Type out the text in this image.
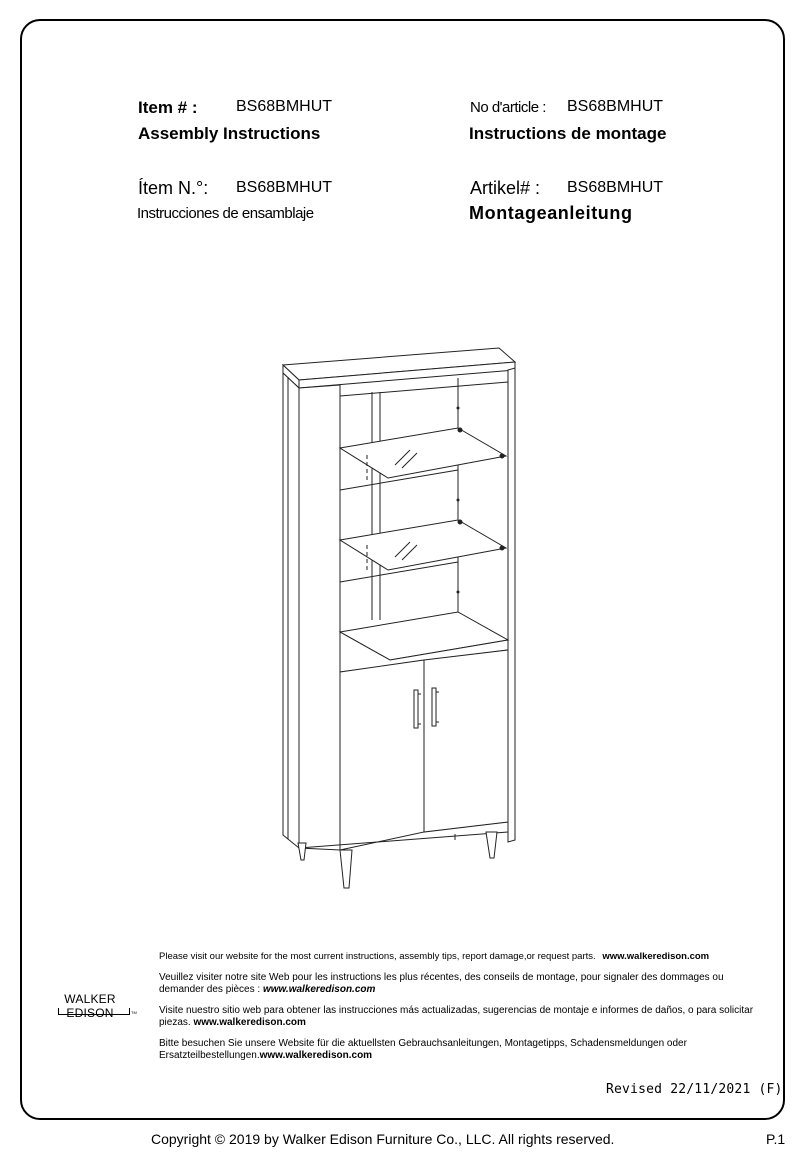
Item # : BS68BMHUT
Assembly Instructions
No d'article : BS68BMHUT
Instructions de montage
Ítem N.°: BS68BMHUT
Instrucciones de ensamblaje
Artikel# : BS68BMHUT
Montageanleitung
Please visit our website for the most current instructions, assembly tips, report damage,or request parts. www.walkeredison.com
Veuillez visiter notre site Web pour les instructions les plus récentes, des conseils de montage, pour signaler des dommages ou demander des pièces : www.walkeredison.com
Visite nuestro sitio web para obtener las instrucciones más actualizadas, sugerencias de montaje e informes de daños, o para solicitar piezas. www.walkeredison.com
Bitte besuchen Sie unsere Website für die aktuellsten Gebrauchsanleitungen, Montagetipps, Schadensmeldungen oder Ersatzteilbestellungen.www.walkeredison.com
WALKER EDISON	TM
Revised 22/11/2021 (F)
Copyright © 2019 by Walker Edison Furniture Co., LLC. All rights reserved.	P.1
